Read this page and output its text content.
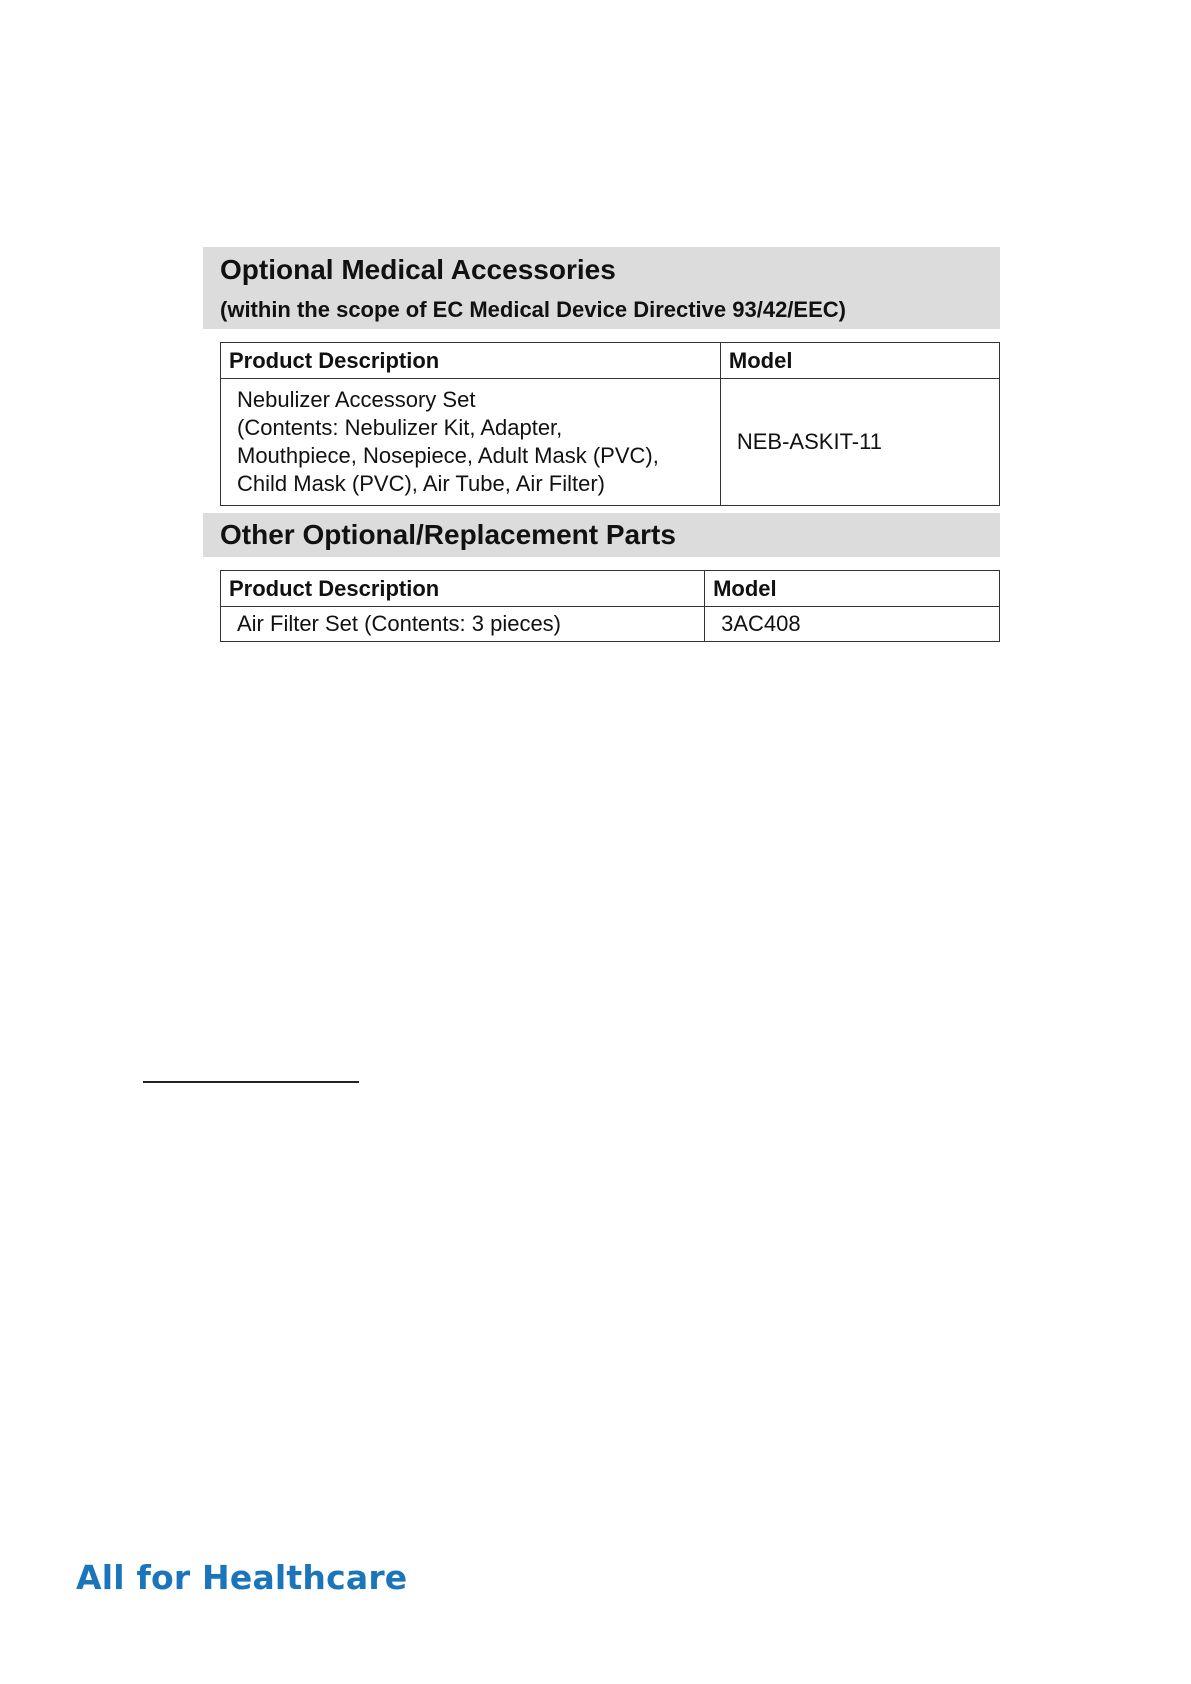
Optional Medical Accessories
(within the scope of EC Medical Device Directive 93/42/EEC)
Product Description	Model

Nebulizer Accessory Set
(Contents: Nebulizer Kit, Adapter,
Mouthpiece, Nosepiece, Adult Mask (PVC),
Child Mask (PVC), Air Tube, Air Filter)	NEB-ASKIT-11
Other Optional/Replacement Parts
Product Description	Model
Air Filter Set (Contents: 3 pieces)	3AC408
All for Healthcare
